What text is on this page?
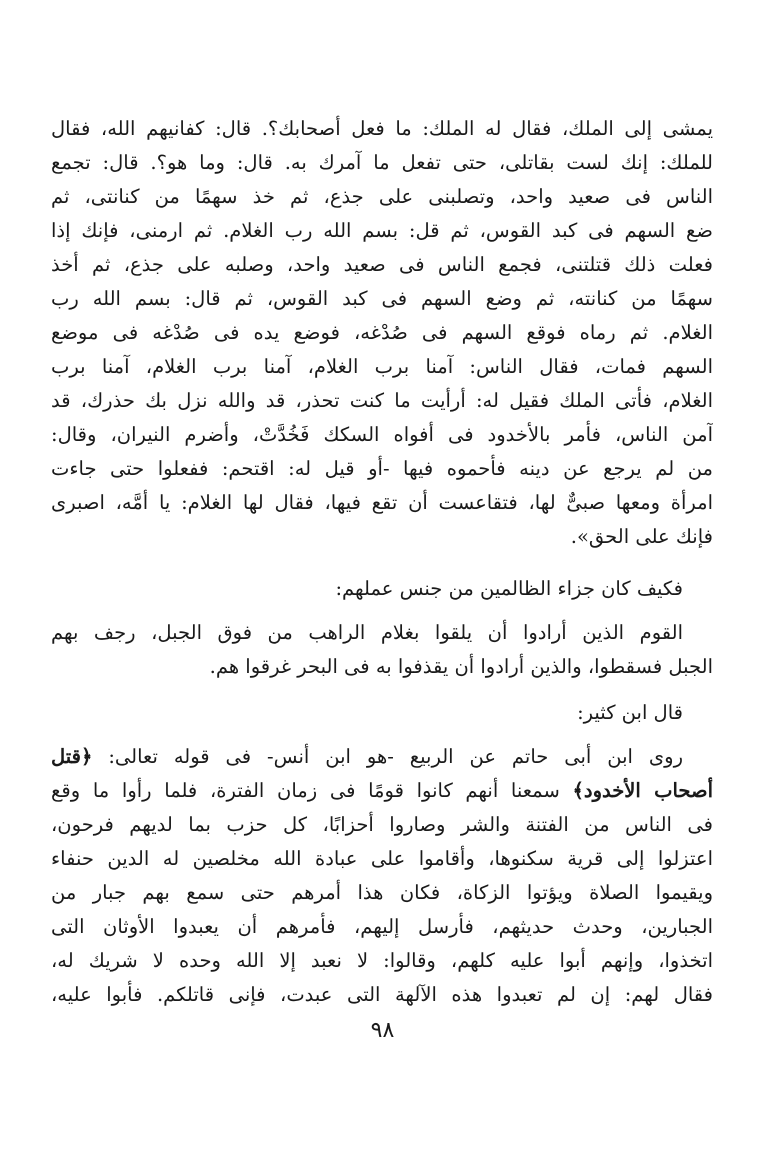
يمشى إلى الملك، فقال له الملك: ما فعل أصحابك؟. قال: كفانيهم الله، فقال
للملك: إنك لست بقاتلى، حتى تفعل ما آمرك به. قال: وما هو؟. قال: تجمع
الناس فى صعيد واحد، وتصلبنى على جذع، ثم خذ سهمًا من كنانتى، ثم
ضع السهم فى كبد القوس، ثم قل: بسم الله رب الغلام. ثم ارمنى، فإنك إذا
فعلت ذلك قتلتنى، فجمع الناس فى صعيد واحد، وصلبه على جذع، ثم أخذ
سهمًا من كنانته، ثم وضع السهم فى كبد القوس، ثم قال: بسم الله رب
الغلام. ثم رماه فوقع السهم فى صُدْغه، فوضع يده فى صُدْغه فى موضع
السهم فمات، فقال الناس: آمنا برب الغلام، آمنا برب الغلام، آمنا برب
الغلام، فأتى الملك فقيل له: أرأيت ما كنت تحذر، قد والله نزل بك حذرك، قد
آمن الناس، فأمر بالأخدود فى أفواه السكك فَخُدَّتْ، وأضرم النيران، وقال:
من لم يرجع عن دينه فأحموه فيها -أو قيل له: اقتحم: ففعلوا حتى جاءت
امرأة ومعها صبىٌّ لها، فتقاعست أن تقع فيها، فقال لها الغلام: يا أمَّه، اصبرى
فإنك على الحق».
فكيف كان جزاء الظالمين من جنس عملهم:
القوم الذين أرادوا أن يلقوا بغلام الراهب من فوق الجبل، رجف بهم
الجبل فسقطوا، والذين أرادوا أن يقذفوا به فى البحر غرقوا هم.
قال ابن كثير:
روى ابن أبى حاتم عن الربيع -هو ابن أنس- فى قوله تعالى: ﴿قتل
أصحاب الأخدود﴾ سمعنا أنهم كانوا قومًا فى زمان الفترة، فلما رأوا ما وقع
فى الناس من الفتنة والشر وصاروا أحزابًا، كل حزب بما لديهم فرحون،
اعتزلوا إلى قرية سكنوها، وأقاموا على عبادة الله مخلصين له الدين حنفاء
ويقيموا الصلاة ويؤتوا الزكاة، فكان هذا أمرهم حتى سمع بهم جبار من
الجبارين، وحدث حديثهم، فأرسل إليهم، فأمرهم أن يعبدوا الأوثان التى
اتخذوا، وإنهم أبوا عليه كلهم، وقالوا: لا نعبد إلا الله وحده لا شريك له،
فقال لهم: إن لم تعبدوا هذه الآلهة التى عبدت، فإنى قاتلكم. فأبوا عليه،
٩٨
